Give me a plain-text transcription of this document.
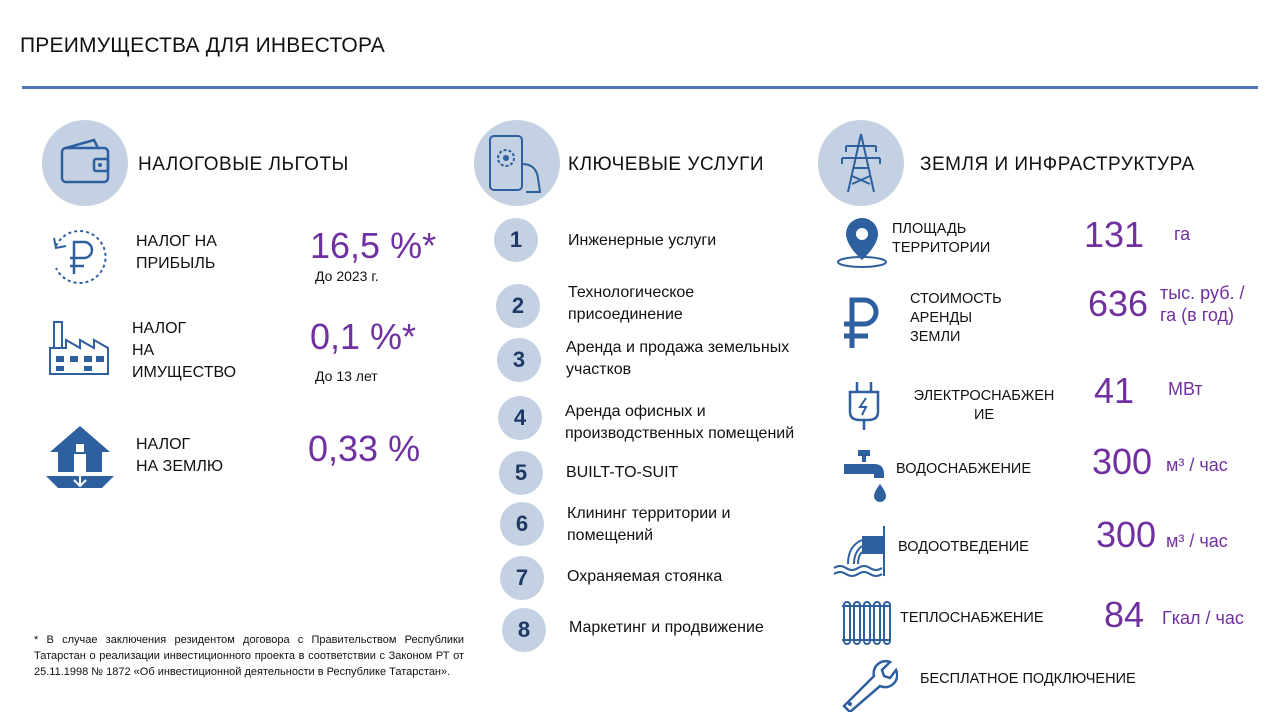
ПРЕИМУЩЕСТВА ДЛЯ ИНВЕСТОРА
НАЛОГОВЫЕ ЛЬГОТЫ
НАЛОГ НА
ПРИБЫЛЬ	16,5 %*
До 2023 г.
НАЛОГ
НА
ИМУЩЕСТВО
0,1 %*
До 13 лет
НАЛОГ
НА ЗЕМЛЮ 0,33 %
КЛЮЧЕВЫЕ УСЛУГИ
1	Инженерные услуги
2
Технологическое
присоединение
3	Аренда и продажа земельных
участков
4	Аренда офисных и
производственных помещений
5	BUILT-TO-SUIT
6	Клининг территории и
помещений
7	Охраняемая стоянка
8	Маркетинг и продвижение
ЗЕМЛЯ И ИНФРАСТРУКТУРА
ПЛОЩАДЬ
ТЕРРИТОРИИ	131 га
СТОИМОСТЬ
АРЕНДЫ
ЗЕМЛИ
636 тыс. руб. /
га (в год)
ЭЛЕКТРОСНАБЖЕН
ИЕ
41 МВт
ВОДОСНАБЖЕНИЕ 300 м³ / час
ВОДООТВЕДЕНИЕ 300 м³ / час
ТЕПЛОСНАБЖЕНИЕ 84 Гкал / час
БЕСПЛАТНОЕ ПОДКЛЮЧЕНИЕ
* В случае заключения резидентом договора с Правительством Республики Татарстан о реализации инвестиционного проекта в соответствии с Законом РТ от 25.11.1998 № 1872 «Об инвестиционной деятельности в Республике Татарстан».
